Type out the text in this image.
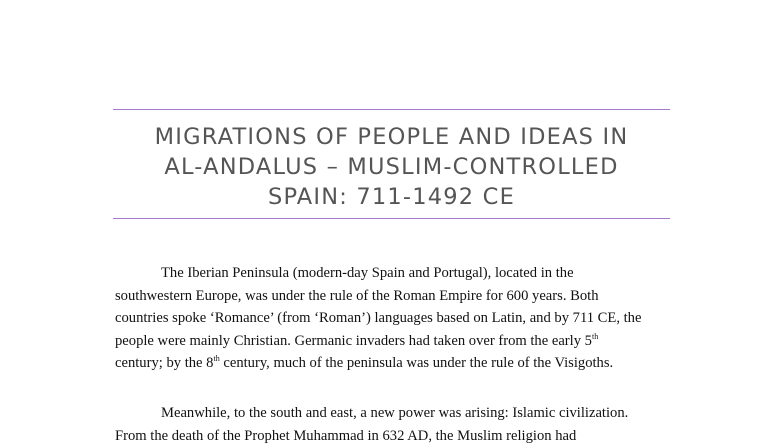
MIGRATIONS OF PEOPLE AND IDEAS IN
AL-ANDALUS – MUSLIM-CONTROLLED
SPAIN: 711-1492 CE

The Iberian Peninsula (modern-day Spain and Portugal), located in the
southwestern Europe, was under the rule of the Roman Empire for 600 years. Both
countries spoke ‘Romance’ (from ‘Roman’) languages based on Latin, and by 711 CE, the
people were mainly Christian. Germanic invaders had taken over from the early 5th
century; by the 8th century, much of the peninsula was under the rule of the Visigoths.

Meanwhile, to the south and east, a new power was arising: Islamic civilization.
From the death of the Prophet Muhammad in 632 AD, the Muslim religion had
